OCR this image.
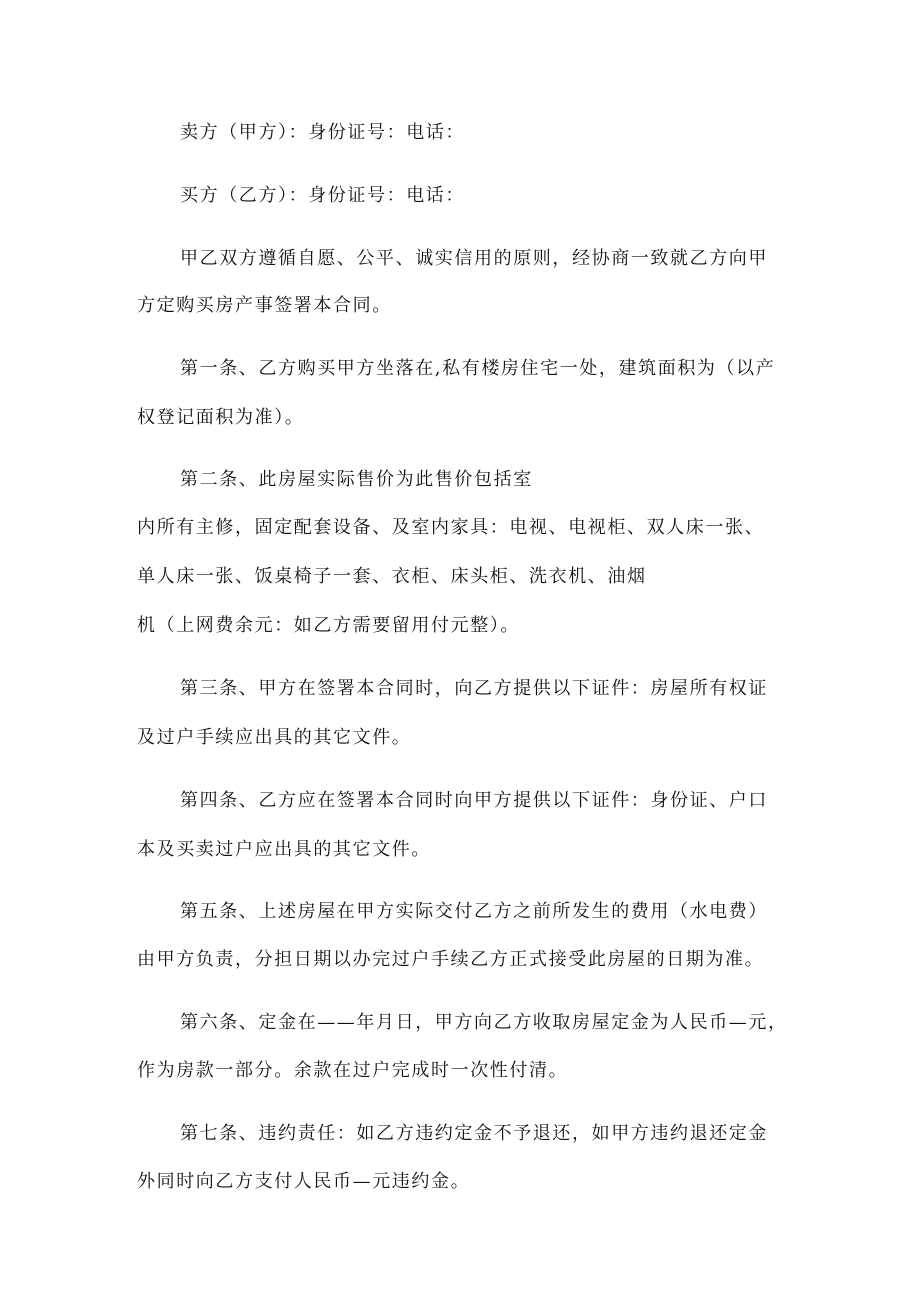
卖方（甲方）：身份证号：电话：
买方（乙方）：身份证号：电话：
甲乙双方遵循自愿、公平、诚实信用的原则，经协商一致就乙方向甲
方定购买房产事签署本合同。
第一条、乙方购买甲方坐落在,私有楼房住宅一处，建筑面积为（以产
权登记面积为准）。
第二条、此房屋实际售价为此售价包括室
内所有主修，固定配套设备、及室内家具：电视、电视柜、双人床一张、
单人床一张、饭桌椅子一套、衣柜、床头柜、洗衣机、油烟
机（上网费余元：如乙方需要留用付元整）。
第三条、甲方在签署本合同时，向乙方提供以下证件：房屋所有权证
及过户手续应出具的其它文件。
第四条、乙方应在签署本合同时向甲方提供以下证件：身份证、户口
本及买卖过户应出具的其它文件。
第五条、上述房屋在甲方实际交付乙方之前所发生的费用（水电费）
由甲方负责，分担日期以办完过户手续乙方正式接受此房屋的日期为准。
第六条、定金在——年月日，甲方向乙方收取房屋定金为人民币—元，
作为房款一部分。余款在过户完成时一次性付清。
第七条、违约责任：如乙方违约定金不予退还，如甲方违约退还定金
外同时向乙方支付人民币—元违约金。
